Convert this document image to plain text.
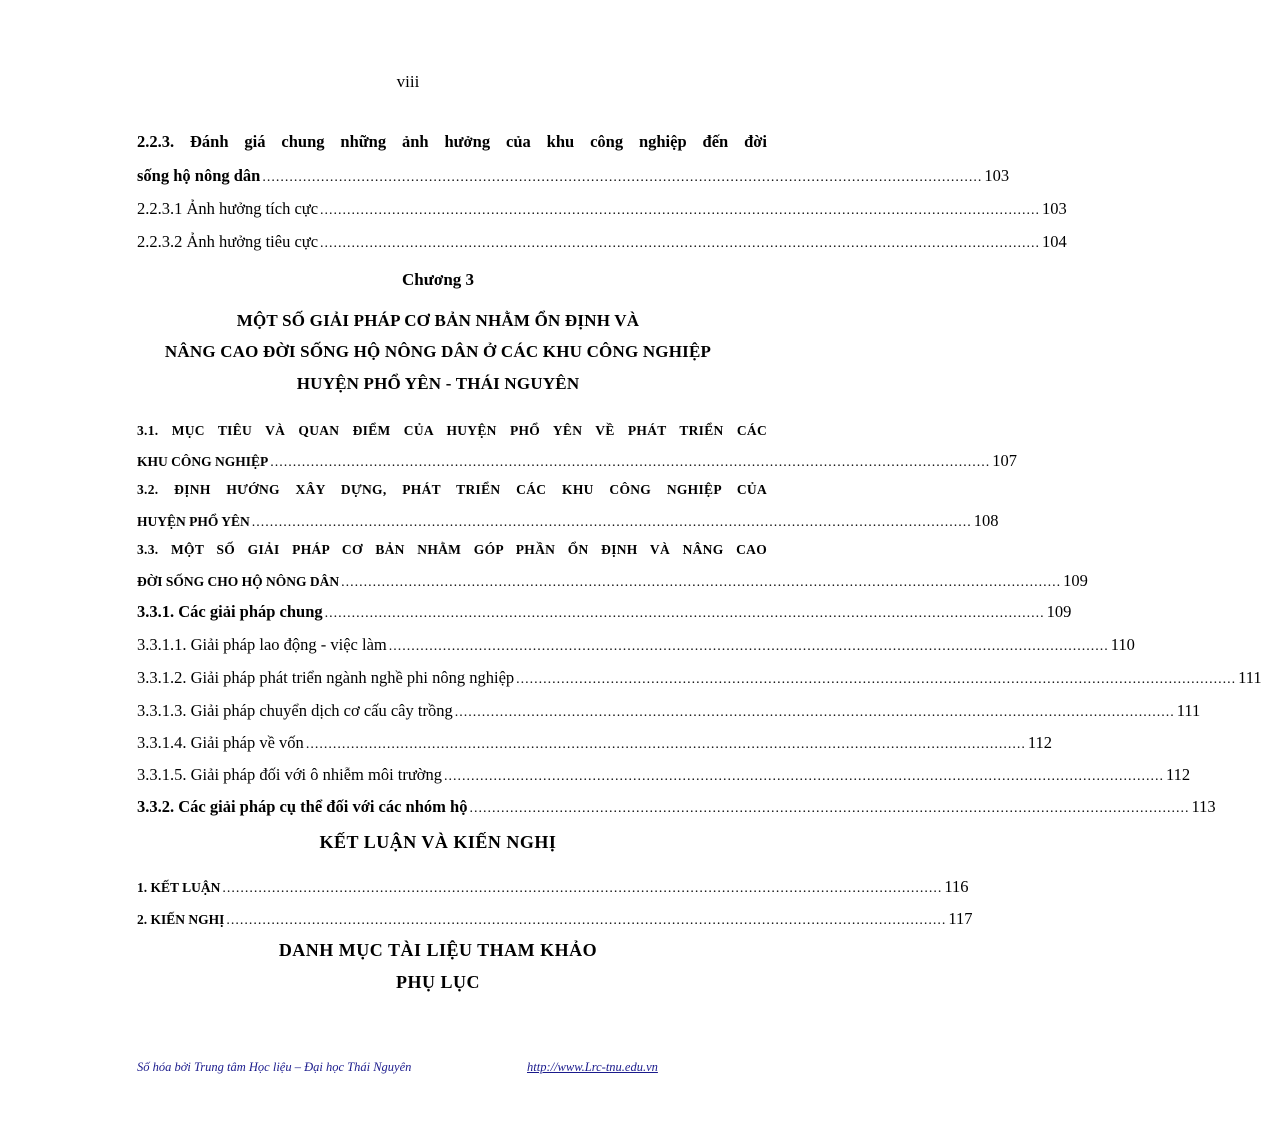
viii
2.2.3. Đánh giá chung những ảnh hưởng của khu công nghiệp đến đời
sống hộ nông dân ................................................................................................................................................................ 103
2.2.3.1 Ảnh hưởng tích cực ................................................................................................................................................................ 103
2.2.3.2 Ảnh hưởng tiêu cực ................................................................................................................................................................ 104
Chương 3
MỘT SỐ GIẢI PHÁP CƠ BẢN NHẰM ỔN ĐỊNH VÀ
NÂNG CAO ĐỜI SỐNG HỘ NÔNG DÂN Ở CÁC KHU CÔNG NGHIỆP
HUYỆN PHỔ YÊN - THÁI NGUYÊN
3.1. MỤC TIÊU VÀ QUAN ĐIỂM CỦA HUYỆN PHỔ YÊN VỀ PHÁT TRIỂN CÁC
KHU CÔNG NGHIỆP ................................................................................................................................................................ 107
3.2. ĐỊNH HƯỚNG XÂY DỰNG, PHÁT TRIỂN CÁC KHU CÔNG NGHIỆP CỦA
HUYỆN PHỔ YÊN ................................................................................................................................................................ 108
3.3. MỘT SỐ GIẢI PHÁP CƠ BẢN NHẰM GÓP PHẦN ỔN ĐỊNH VÀ NÂNG CAO
ĐỜI SỐNG CHO HỘ NÔNG DÂN ................................................................................................................................................................ 109
3.3.1. Các giải pháp chung ................................................................................................................................................................ 109
3.3.1.1. Giải pháp lao động - việc làm ................................................................................................................................................................ 110
3.3.1.2. Giải pháp phát triển ngành nghề phi nông nghiệp ................................................................................................................................................................ 111
3.3.1.3. Giải pháp chuyển dịch cơ cấu cây trồng ................................................................................................................................................................ 111
3.3.1.4. Giải pháp về vốn ................................................................................................................................................................ 112
3.3.1.5. Giải pháp đối với ô nhiễm môi trường ................................................................................................................................................................ 112
3.3.2. Các giải pháp cụ thể đối với các nhóm hộ ................................................................................................................................................................ 113
KẾT LUẬN VÀ KIẾN NGHỊ
1. KẾT LUẬN ................................................................................................................................................................ 116
2. KIẾN NGHỊ ................................................................................................................................................................ 117
DANH MỤC TÀI LIỆU THAM KHẢO
PHỤ LỤC
Số hóa bởi Trung tâm Học liệu – Đại học Thái Nguyên	http://www.Lrc-tnu.edu.vn
